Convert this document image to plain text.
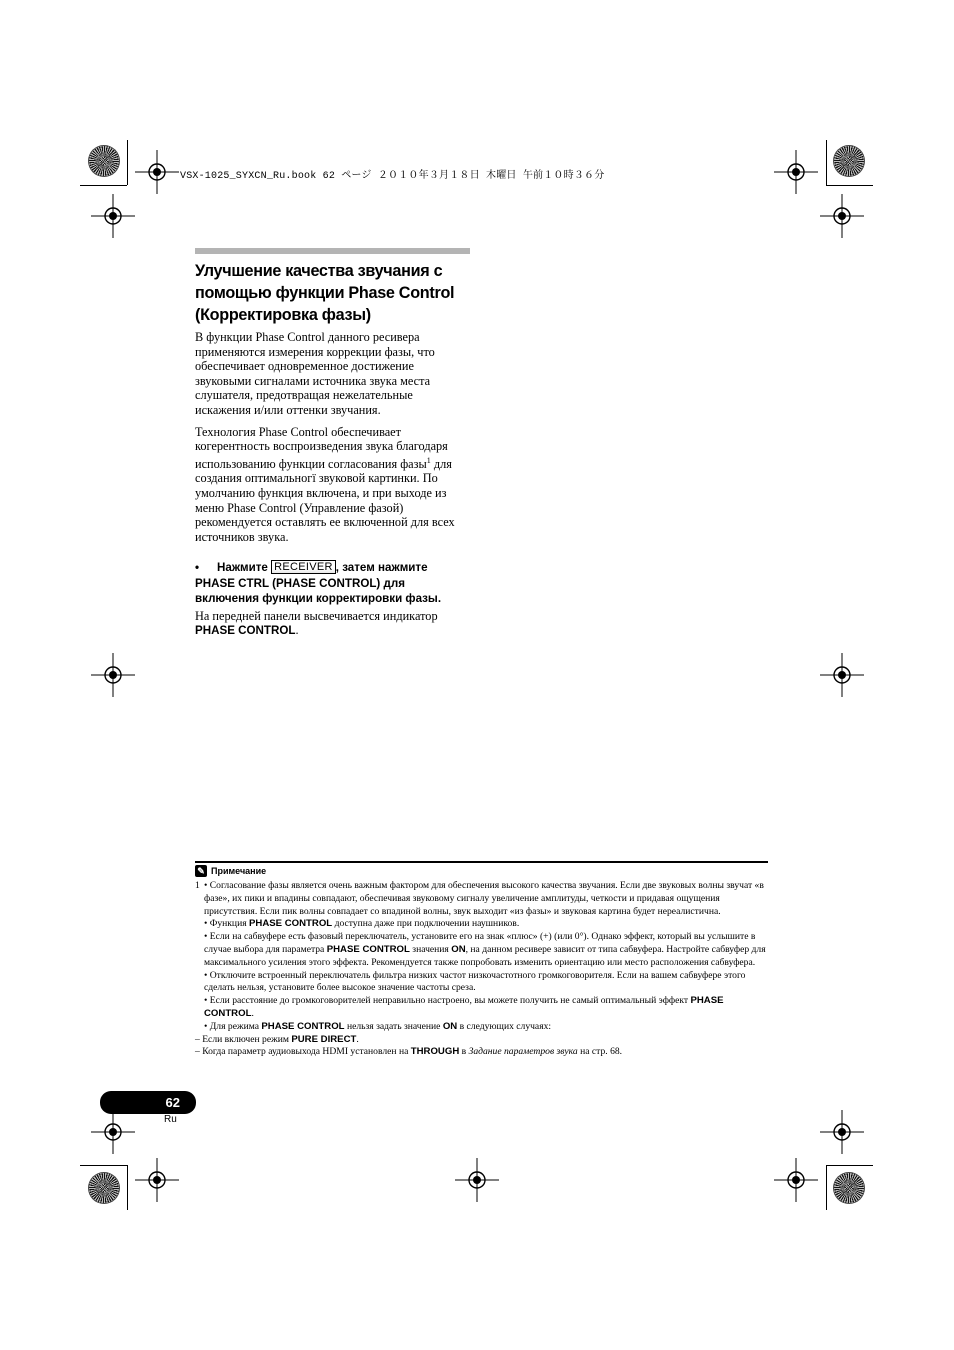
VSX-1025_SYXCN_Ru.book 62 ページ ２０１０年３月１８日 木曜日 午前１０時３６分
Улучшение качества звучания с помощью функции Phase Control (Корректировка фазы)

В функции Phase Control данного ресивера применяются измерения коррекции фазы, что обеспечивает одновременное достижение звуковыми сигналами источника звука места слушателя, предотвращая нежелательные искажения и/или оттенки звучания.

Технология Phase Control обеспечивает когерентность воспроизведения звука благодаря использованию функции согласования фазы$^1$ для создания оптимальногї звуковой картинки. По умолчанию функция включена, и при выходе из меню Phase Control (Управление фазой) рекомендуется оставлять ее включенной для всех источников звука.

• Нажмите RECEIVER , затем нажмите PHASE CTRL (PHASE CONTROL) для включения функции корректировки фазы.

На передней панели высвечивается индикатор
PHASE CONTROL.

✎ Примечание
1 • Согласование фазы является очень важным фактором для обеспечения высокого качества звучания. Если две звуковых волны звучат «в фазе», их пики и впадины совпадают, обеспечивая звуковому сигналу увеличение амплитуды, четкости и придавая ощущения присутствия. Если пик волны совпадает со впадиной волны, звук выходит «из фазы» и звуковая картина будет нереалистична.

• Функция PHASE CONTROL доступна даже при подключении наушников.

• Если на сабвуфере есть фазовый переключатель, установите его на знак «плюс» (+) (или 0°). Однако эффект, который вы услышите в случае выбора для параметра PHASE CONTROL значения ON, на данном ресивере зависит от типа сабвуфера. Настройте сабвуфер для максимального усиления этого эффекта. Рекомендуется также попробовать изменить ориентацию или место расположения сабвуфера.

• Отключите встроенный переключатель фильтра низких частот низкочастотного громкоговорителя. Если на вашем сабвуфере этого сделать нельзя, установите более высокое значение частоты среза.

• Если расстояние до громкоговорителей неправильно настроено, вы можете получить не самый оптимальный эффект PHASE CONTROL.

• Для режима PHASE CONTROL нельзя задать значение ON в следующих случаях:

– Если включен режим PURE DIRECT.

– Когда параметр аудиовыхода HDMI установлен на THROUGH в Задание параметров звука на стр. 68.

62
Ru
